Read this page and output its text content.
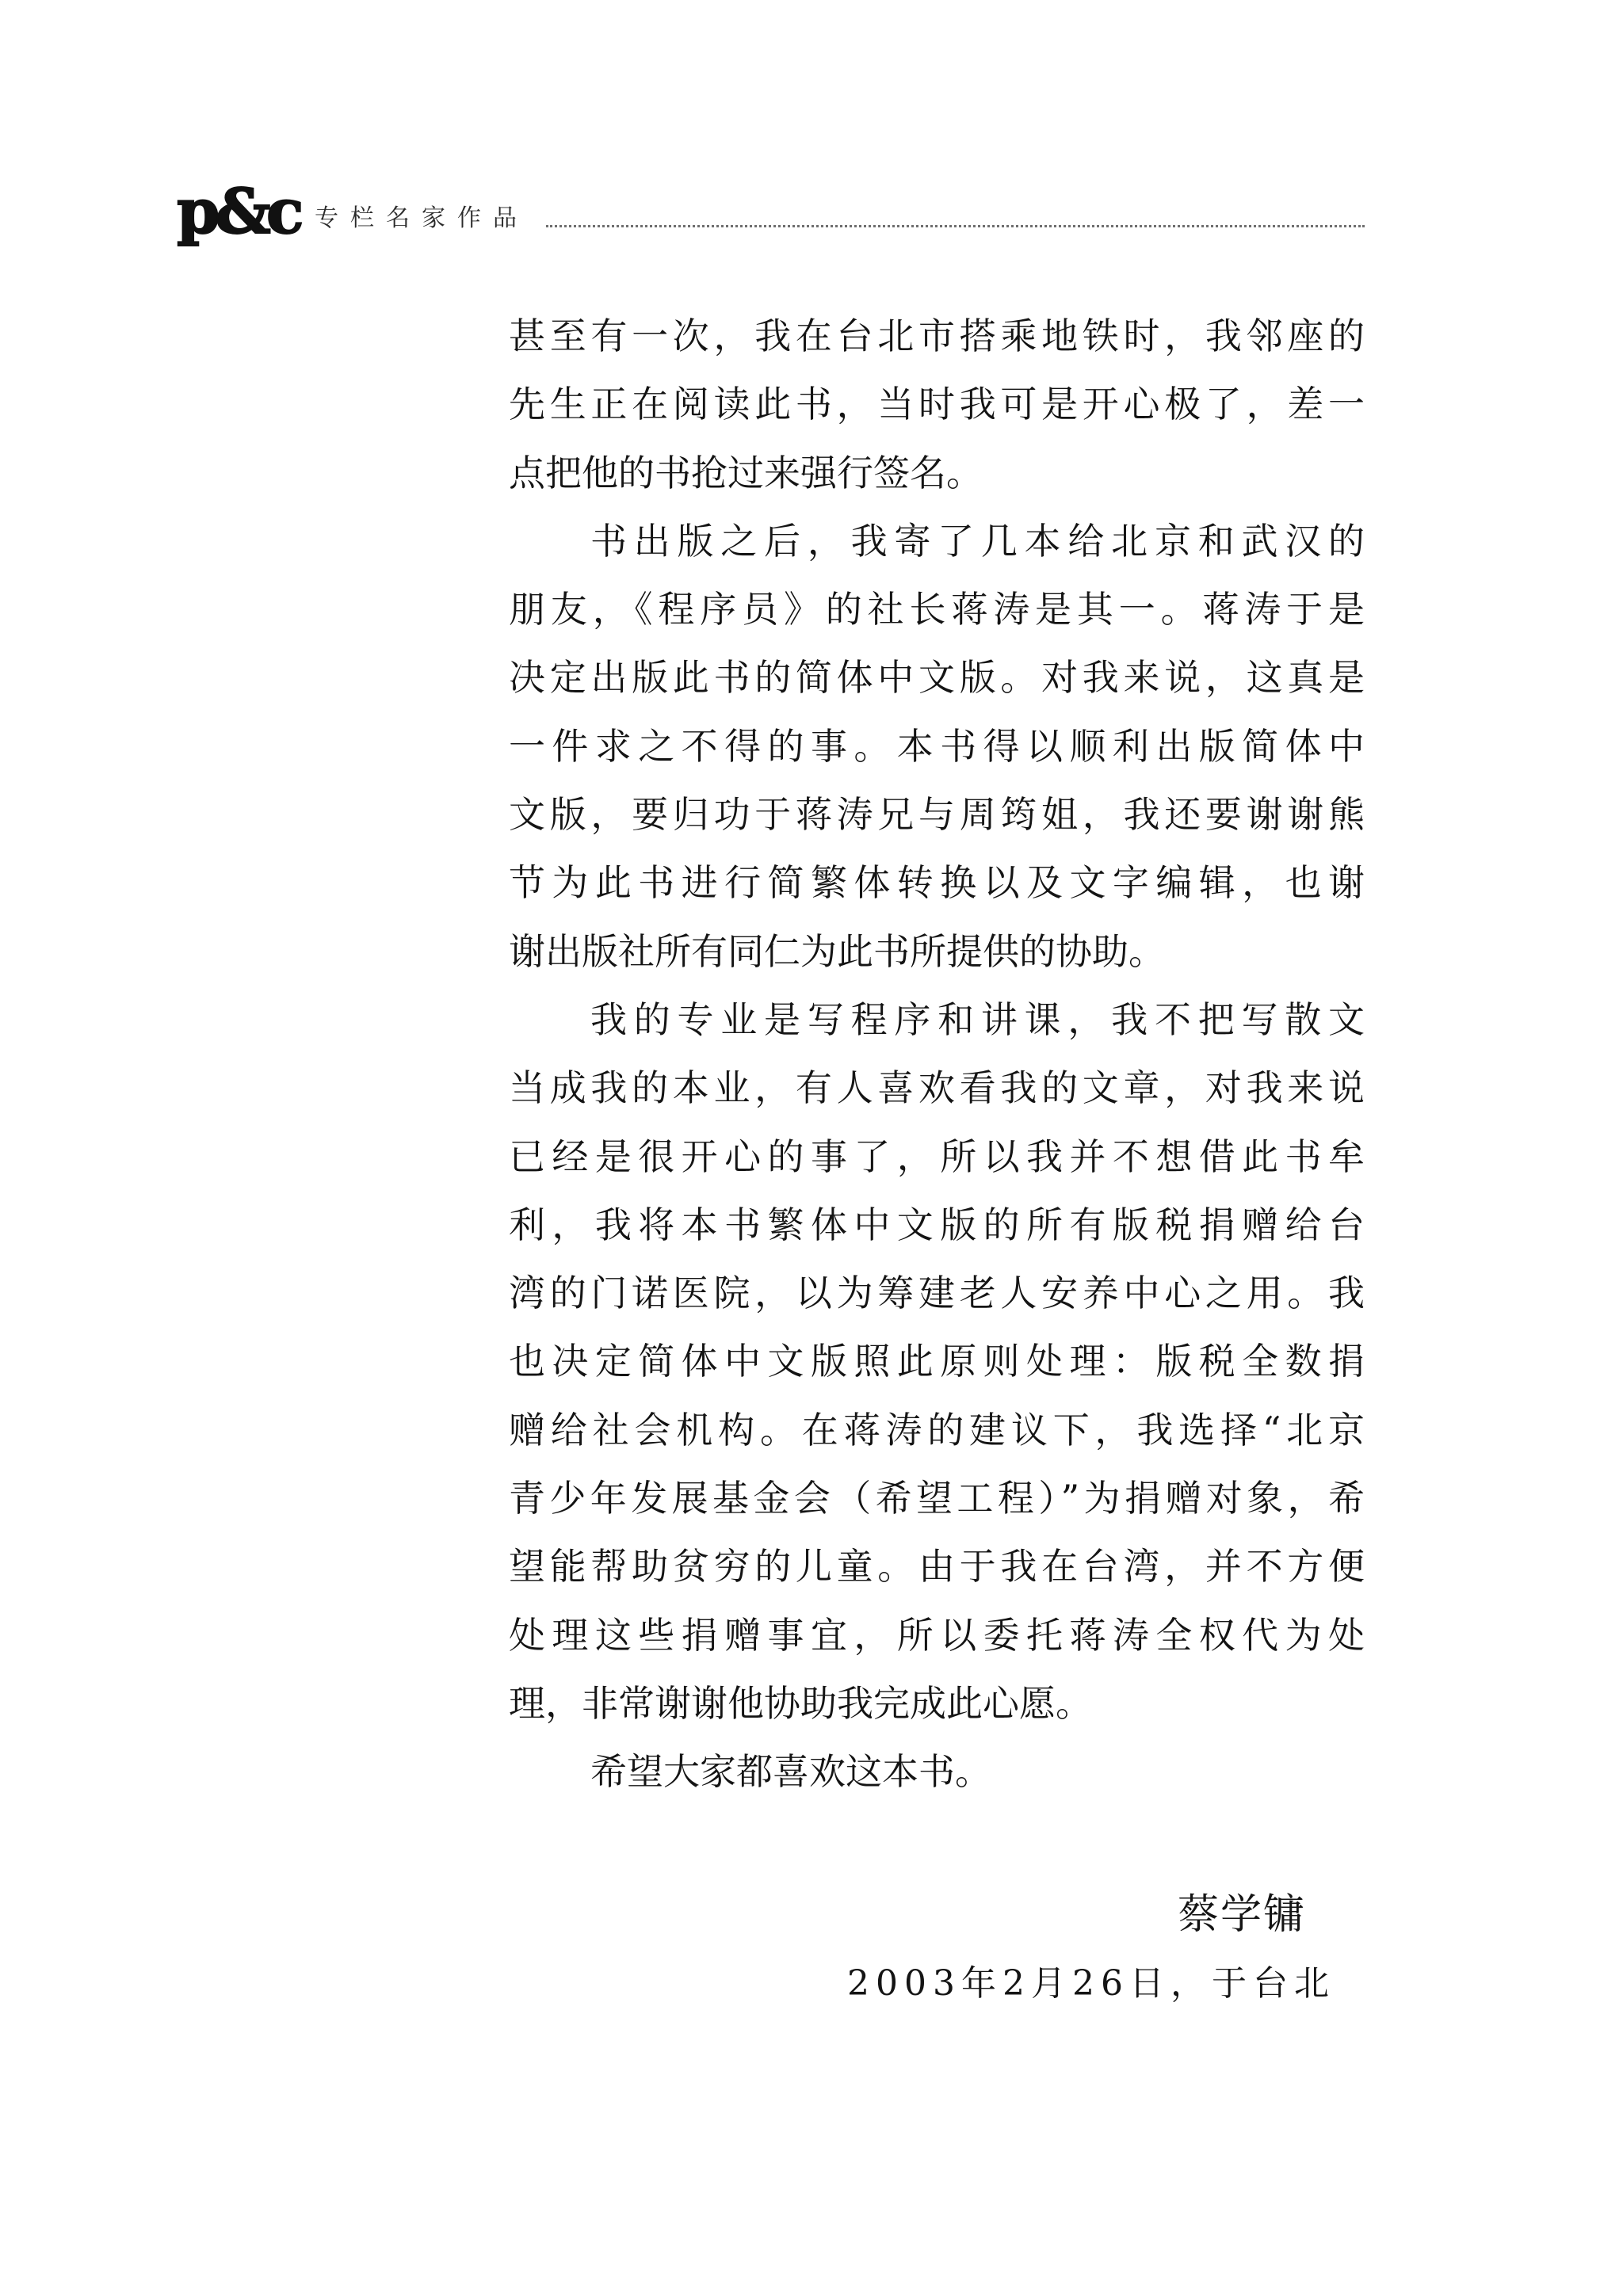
p&c 专栏名家作品
甚至有一次，我在台北市搭乘地铁时，我邻座的
先生正在阅读此书，当时我可是开心极了，差一
点把他的书抢过来强行签名。
书出版之后，我寄了几本给北京和武汉的
朋友，《程序员》的社长蒋涛是其一。蒋涛于是
决定出版此书的简体中文版。对我来说，这真是
一件求之不得的事。本书得以顺利出版简体中
文版，要归功于蒋涛兄与周筠姐，我还要谢谢熊
节为此书进行简繁体转换以及文字编辑，也谢
谢出版社所有同仁为此书所提供的协助。
我的专业是写程序和讲课，我不把写散文
当成我的本业，有人喜欢看我的文章，对我来说
已经是很开心的事了，所以我并不想借此书牟
利，我将本书繁体中文版的所有版税捐赠给台
湾的门诺医院，以为筹建老人安养中心之用。我
也决定简体中文版照此原则处理：版税全数捐
赠给社会机构。在蒋涛的建议下，我选择“北京
青少年发展基金会（希望工程）”为捐赠对象，希
望能帮助贫穷的儿童。由于我在台湾，并不方便
处理这些捐赠事宜，所以委托蒋涛全权代为处
理，非常谢谢他协助我完成此心愿。
希望大家都喜欢这本书。
蔡学镛
2003年2月26日，于台北
